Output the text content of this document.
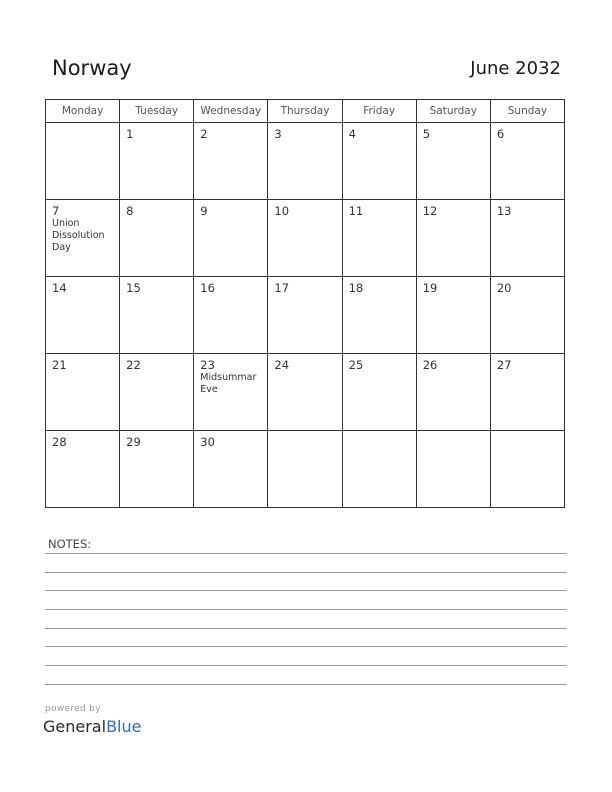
Norway	June 2032
Monday	Tuesday	Wednesday	Thursday	Friday	Saturday	Sunday

	1	2	3	4	5	6

7
Union
Dissolution
Day	8	9	10	11	12	13

14	15	16	17	18	19	20

21	22	23
Midsummar
Eve	24	25	26	27

28	29	30				

NOTES:
powered by
GeneralBlue
